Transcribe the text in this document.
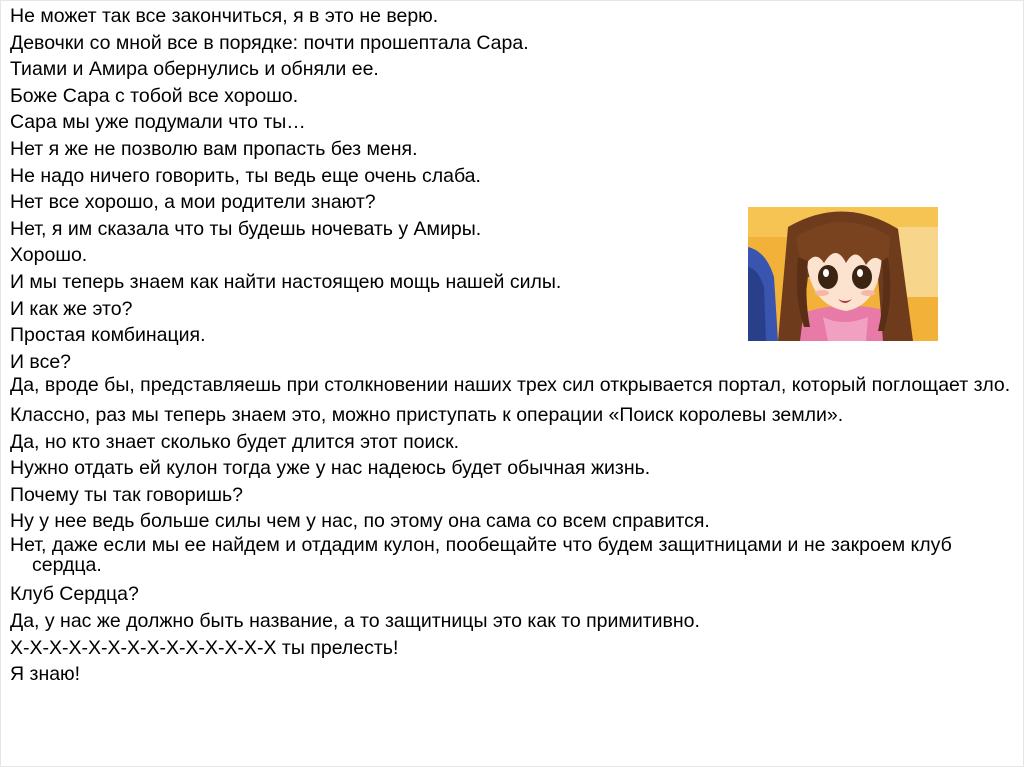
Не может так все закончиться, я в это не верю.
Девочки со мной все в порядке: почти прошептала Сара.
Тиами и Амира обернулись и обняли ее.
Боже Сара с тобой все хорошо.
Сара мы уже подумали что ты…
Нет я же не позволю вам пропасть без меня.
Не надо ничего говорить, ты ведь еще очень слаба.
Нет все хорошо, а мои родители знают?
Нет, я им сказала что ты будешь ночевать у Амиры.
Хорошо.
И мы теперь знаем как найти настоящею мощь нашей силы.
И как же это?
Простая комбинация.
И все?
Да, вроде бы, представляешь при столкновении наших трех сил открывается портал, который поглощает зло.
Классно, раз мы теперь знаем это, можно приступать к операции «Поиск королевы земли».
Да, но кто знает сколько будет длится этот поиск.
Нужно отдать ей кулон тогда уже у нас надеюсь будет обычная жизнь.
Почему ты так говоришь?
Ну у нее ведь больше силы чем у нас, по этому она сама со всем справится.
Нет, даже если мы ее найдем и отдадим кулон, пообещайте что будем защитницами и не закроем клуб сердца.
Клуб Сердца?
Да, у нас же должно быть название, а то защитницы это как то примитивно.
Х-Х-Х-Х-Х-Х-Х-Х-Х-Х-Х-Х-Х-Х ты прелесть!
Я знаю!
